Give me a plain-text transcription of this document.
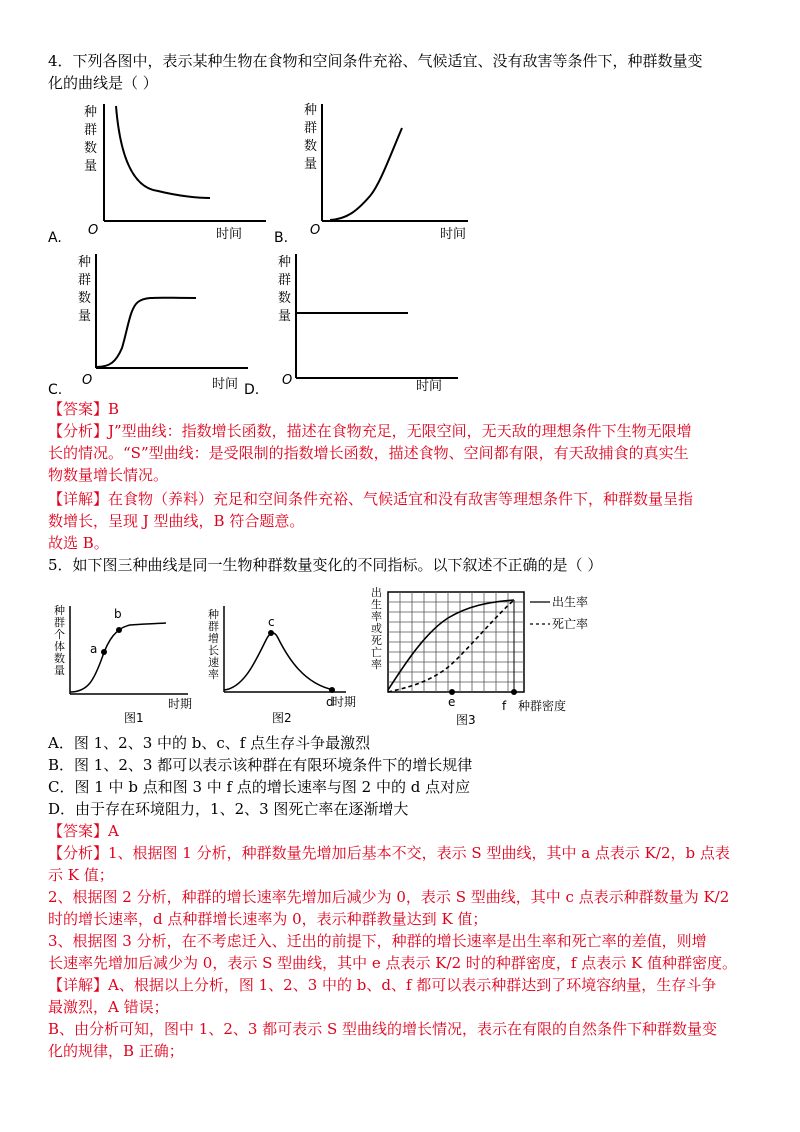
4．下列各图中，表示某种生物在食物和空间条件充裕、气候适宜、没有敌害等条件下，种群数量变
化的曲线是（ ）
种
群
数
量
O	时间
A.
种
群
数
量
O	时间
B.
种
群
数
量
O	时间
C.
种
群
数
量
O	时间
D.
【答案】B
【分析】J”型曲线：指数增长函数，描述在食物充足，无限空间，无天敌的理想条件下生物无限增
长的情况。“S”型曲线：是受限制的指数增长函数，描述食物、空间都有限，有天敌捕食的真实生
物数量增长情况。
【详解】在食物（养料）充足和空间条件充裕、气候适宜和没有敌害等理想条件下，种群数量呈指
数增长，呈现 J 型曲线，B 符合题意。
故选 B。
5．如下图三种曲线是同一生物种群数量变化的不同指标。以下叙述不正确的是（ ）
a
b
种
群
个
体
数
量
时期
图1
c
d
种
群
增
长
速
率
时期
图2
e	f
出
生
率
或
死
亡
率
种群密度
图3
出生率
死亡率
A．图 1、2、3 中的 b、c、f 点生存斗争最激烈
B．图 1、2、3 都可以表示该种群在有限环境条件下的增长规律
C．图 1 中 b 点和图 3 中 f 点的增长速率与图 2 中的 d 点对应
D．由于存在环境阻力，1、2、3 图死亡率在逐渐增大
【答案】A
【分析】1、根据图 1 分析，种群数量先增加后基本不交，表示 S 型曲线，其中 a 点表示 K/2，b 点表
示 K 值；
2、根据图 2 分析，种群的增长速率先增加后减少为 0，表示 S 型曲线，其中 c 点表示种群数量为 K/2
时的增长速率，d 点种群增长速率为 0，表示种群教量达到 K 值；
3、根据图 3 分析，在不考虑迁入、迁出的前提下，种群的增长速率是出生率和死亡率的差值，则增
长速率先增加后减少为 0，表示 S 型曲线，其中 e 点表示 K/2 时的种群密度，f 点表示 K 值种群密度。
【详解】A、根据以上分析，图 1、2、3 中的 b、d、f 都可以表示种群达到了环境容纳量，生存斗争
最激烈，A 错误；
B、由分析可知，图中 1、2、3 都可表示 S 型曲线的增长情况，表示在有限的自然条件下种群数量变
化的规律，B 正确；
